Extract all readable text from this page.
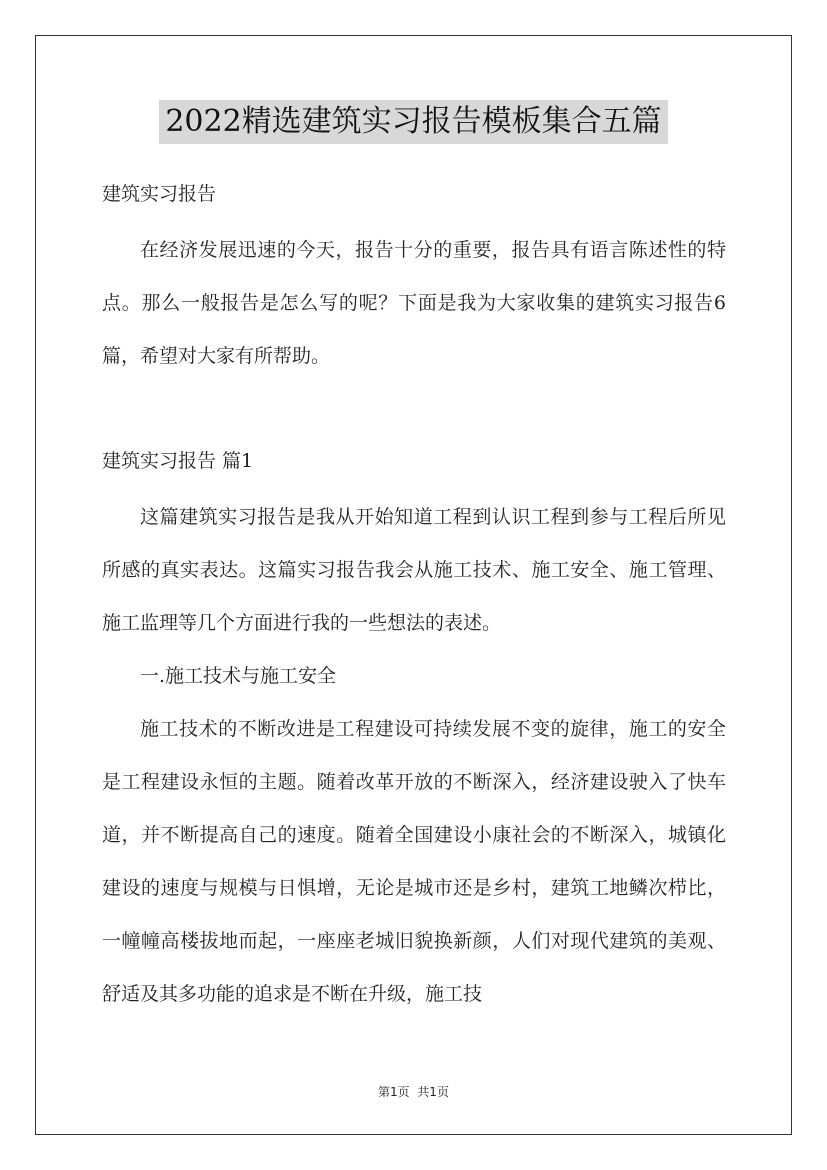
2022精选建筑实习报告模板集合五篇

建筑实习报告

在经济发展迅速的今天，报告十分的重要，报告具有语言陈述性的特点。那么一般报告是怎么写的呢？下面是我为大家收集的建筑实习报告6篇，希望对大家有所帮助。

建筑实习报告 篇1

这篇建筑实习报告是我从开始知道工程到认识工程到参与工程后所见所感的真实表达。这篇实习报告我会从施工技术、施工安全、施工管理、施工监理等几个方面进行我的一些想法的表述。

一.施工技术与施工安全

施工技术的不断改进是工程建设可持续发展不变的旋律，施工的安全是工程建设永恒的主题。随着改革开放的不断深入，经济建设驶入了快车道，并不断提高自己的速度。随着全国建设小康社会的不断深入，城镇化建设的速度与规模与日惧增，无论是城市还是乡村，建筑工地鳞次栉比，一幢幢高楼拔地而起，一座座老城旧貌换新颜，人们对现代建筑的美观、舒适及其多功能的追求是不断在升级，施工技

第1页  共1页
